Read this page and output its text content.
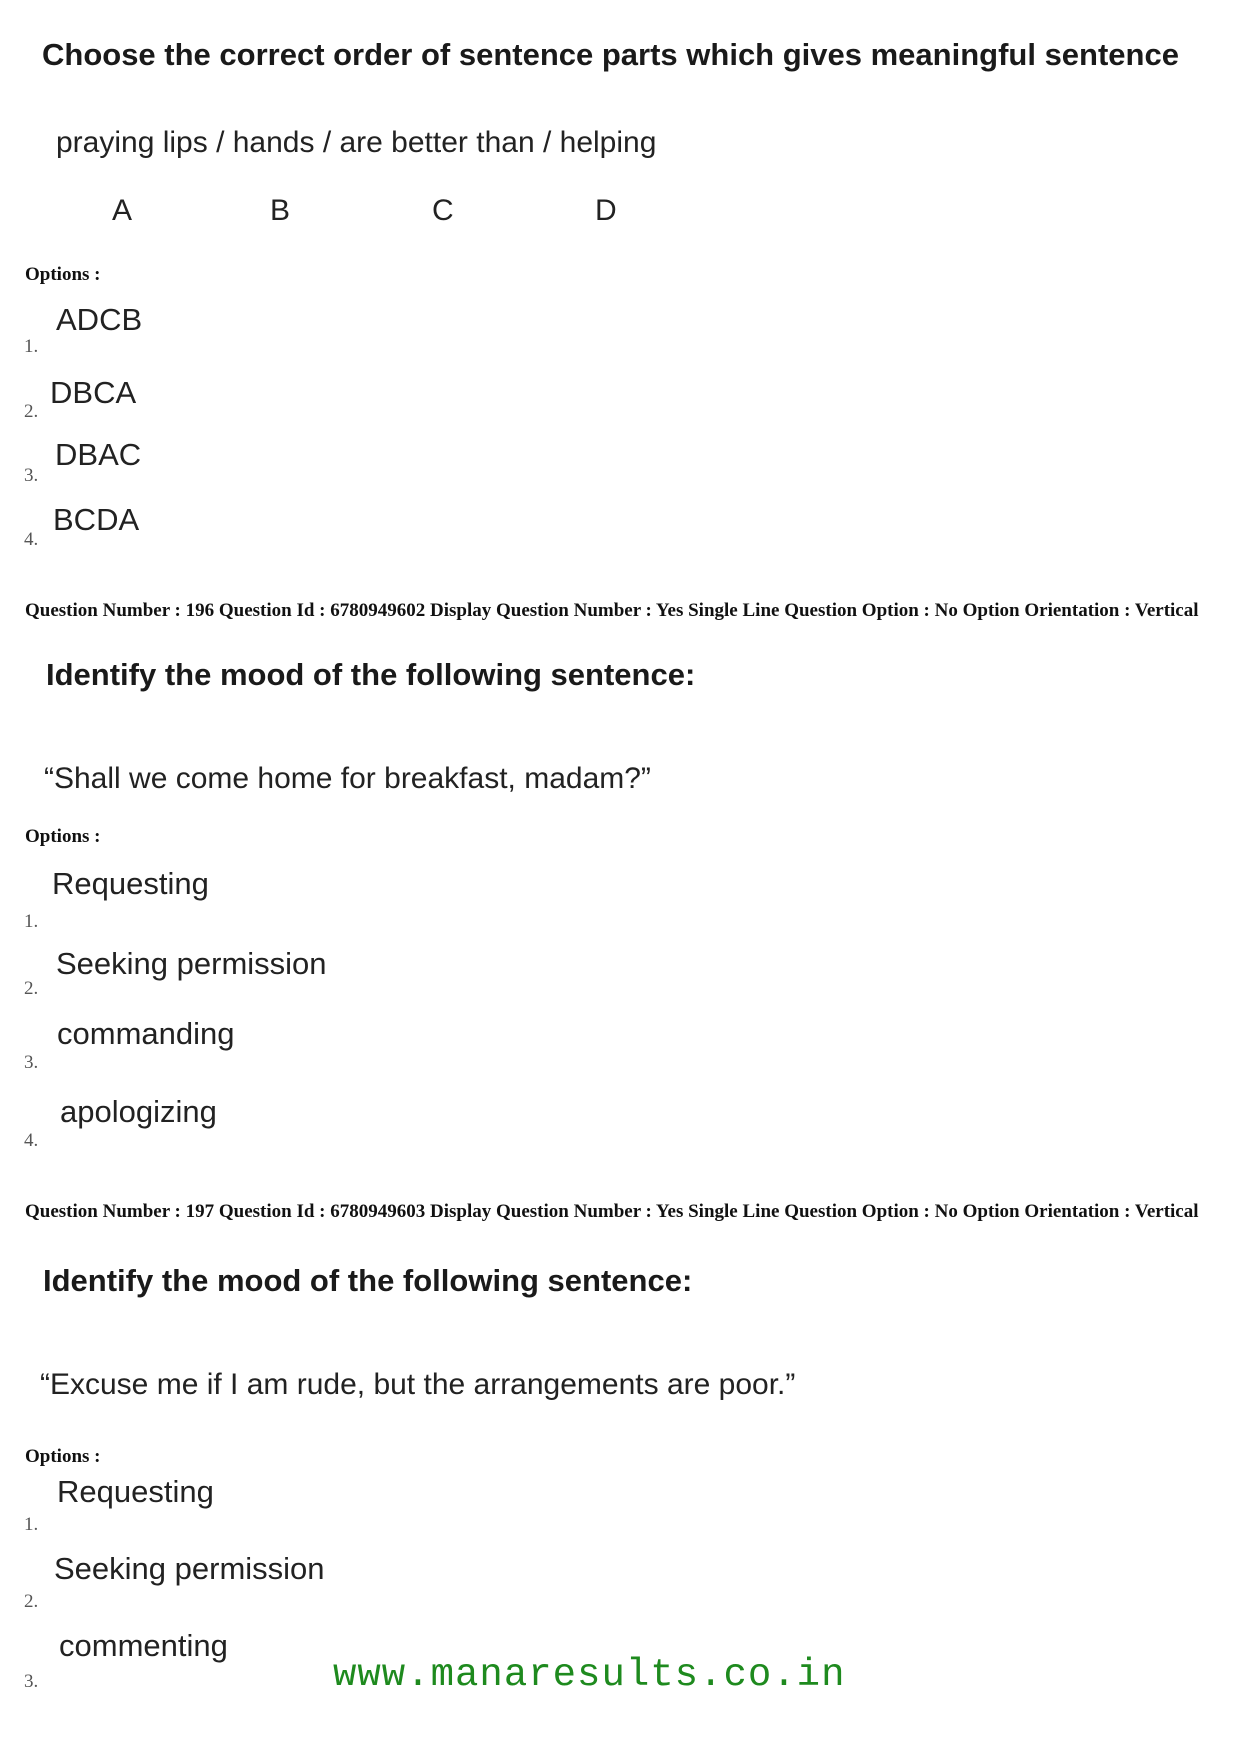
Choose the correct order of sentence parts which gives meaningful sentence
praying lips / hands / are better than / helping
A	B	C	D
Options :
ADCB
1.
DBCA
2.
DBAC
3.
BCDA
4.
Question Number : 196 Question Id : 6780949602 Display Question Number : Yes Single Line Question Option : No Option Orientation : Vertical
Identify the mood of the following sentence:
“Shall we come home for breakfast, madam?”
Options :
Requesting
1.
Seeking permission
2.
commanding
3.
apologizing
4.
Question Number : 197 Question Id : 6780949603 Display Question Number : Yes Single Line Question Option : No Option Orientation : Vertical
Identify the mood of the following sentence:
“Excuse me if I am rude, but the arrangements are poor.”
Options :
Requesting
1.
Seeking permission
2.
commenting
3.	www.manaresults.co.in
